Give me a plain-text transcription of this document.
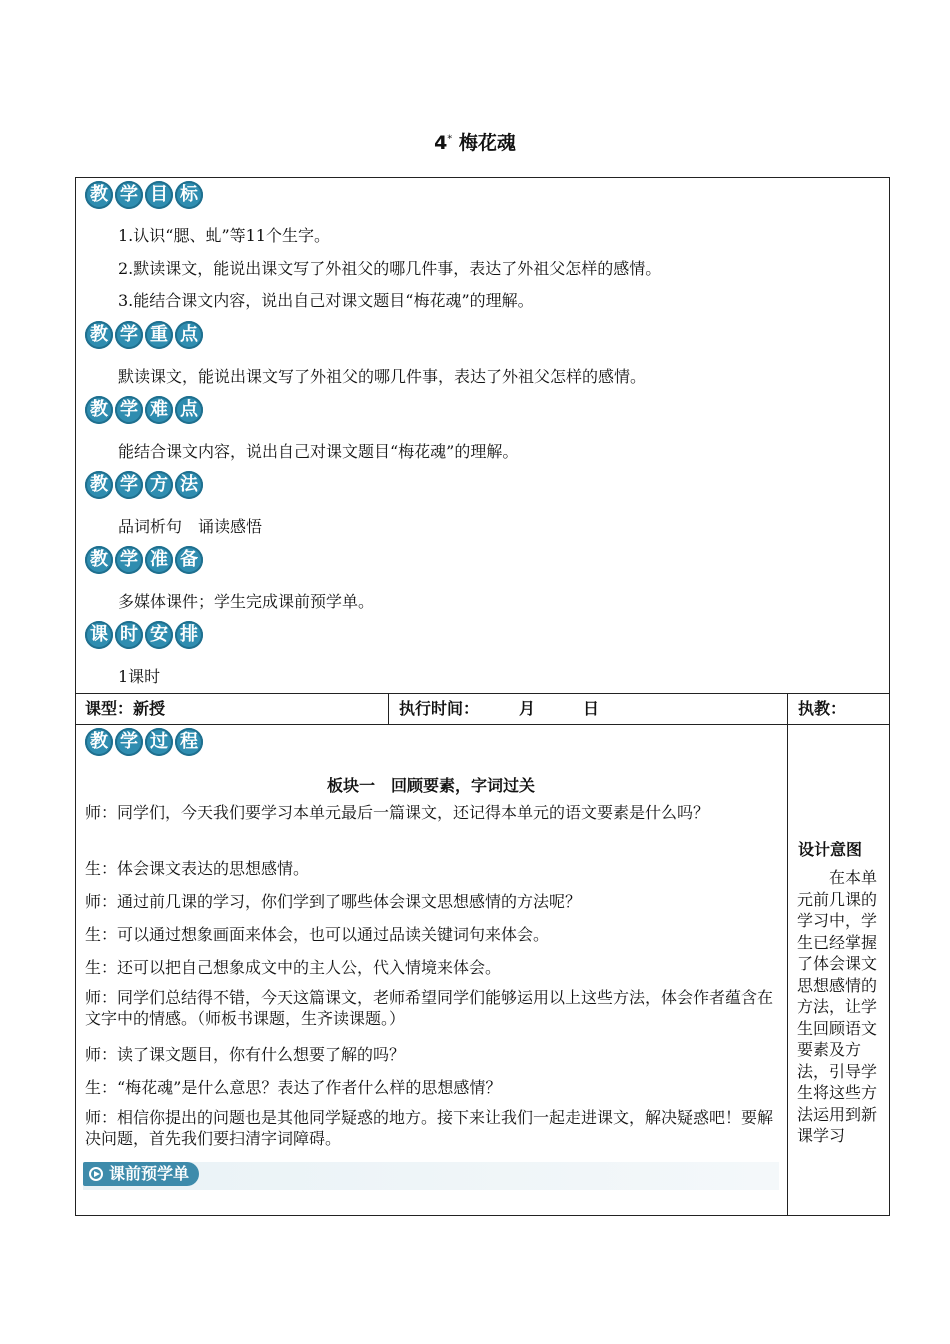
4* 梅花魂
教 学 目 标
1.认识“腮、虬”等11个生字。
2.默读课文，能说出课文写了外祖父的哪几件事，表达了外祖父怎样的感情。
3.能结合课文内容，说出自己对课文题目“梅花魂”的理解。
教 学 重 点
默读课文，能说出课文写了外祖父的哪几件事，表达了外祖父怎样的感情。
教 学 难 点
能结合课文内容，说出自己对课文题目“梅花魂”的理解。
教 学 方 法
品词析句　诵读感悟
教 学 准 备
多媒体课件；学生完成课前预学单。
课 时 安 排
1课时
课型：新授	执行时间：　　　月　　　日	执教：
教 学 过 程
板块一　回顾要素，字词过关
师：同学们，今天我们要学习本单元最后一篇课文，还记得本单元的语文要素是什么吗？
生：体会课文表达的思想感情。
师：通过前几课的学习，你们学到了哪些体会课文思想感情的方法呢？
生：可以通过想象画面来体会，也可以通过品读关键词句来体会。
生：还可以把自己想象成文中的主人公，代入情境来体会。
师：同学们总结得不错，今天这篇课文，老师希望同学们能够运用以上这些方法，体会作者蕴含在文字中的情感。（师板书课题，生齐读课题。）
师：读了课文题目，你有什么想要了解的吗？
生：“梅花魂”是什么意思？表达了作者什么样的思想感情？
师：相信你提出的问题也是其他同学疑惑的地方。接下来让我们一起走进课文，解决疑惑吧！要解决问题，首先我们要扫清字词障碍。
课前预学单
设计意图
在本单元前几课的学习中，学生已经掌握了体会课文思想感情的方法，让学生回顾语文要素及方法，引导学生将这些方法运用到新课学习
